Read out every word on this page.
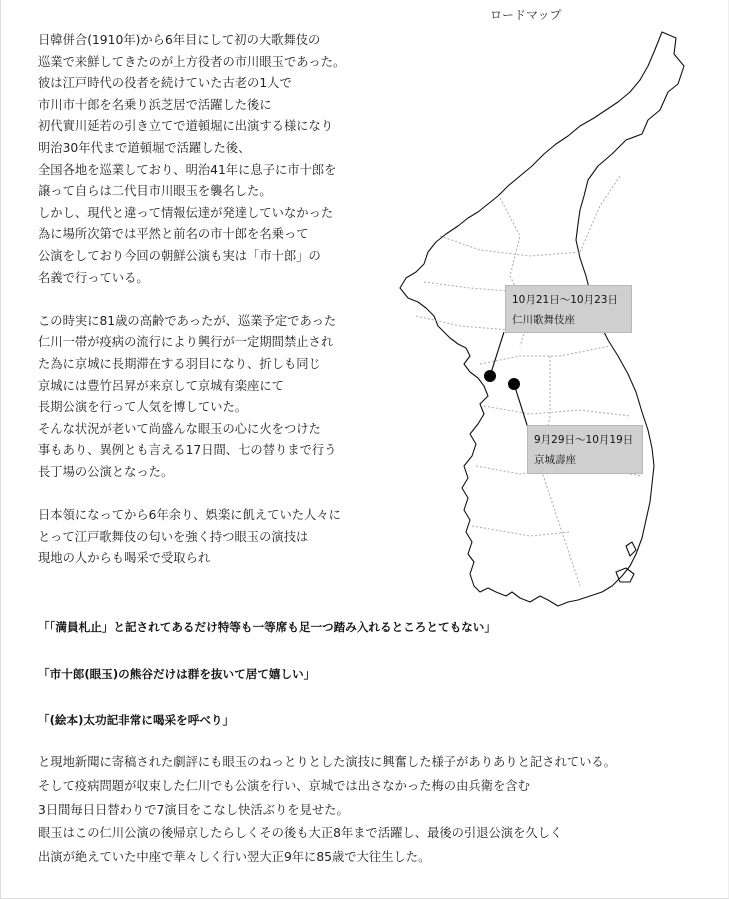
日韓併合(1910年)から6年目にして初の大歌舞伎の

巡業で来鮮してきたのが上方役者の市川眼玉であった。

彼は江戸時代の役者を続けていた古老の1人で

市川市十郎を名乗り浜芝居で活躍した後に

初代實川延若の引き立てで道頓堀に出演する様になり

明治30年代まで道頓堀で活躍した後、

全国各地を巡業しており、明治41年に息子に市十郎を

譲って自らは二代目市川眼玉を襲名した。

しかし、現代と違って情報伝達が発達していなかった

為に場所次第では平然と前名の市十郎を名乗って

公演をしており今回の朝鮮公演も実は「市十郎」の

名義で行っている。

この時実に81歳の高齢であったが、巡業予定であった

仁川一帯が疫病の流行により興行が一定期間禁止され

た為に京城に長期滞在する羽目になり、折しも同じ

京城には豊竹呂昇が来京して京城有楽座にて

長期公演を行って人気を博していた。

そんな状況が老いて尚盛んな眼玉の心に火をつけた

事もあり、異例とも言える17日間、七の替りまで行う

長丁場の公演となった。

日本領になってから6年余り、娯楽に飢えていた人々に

とって江戸歌舞伎の匂いを強く持つ眼玉の演技は

現地の人からも喝采で受取られ

ロードマップ
10月21日～10月23日
仁川歌舞伎座
9月29日～10月19日
京城壽座
「「満員札止」と記されてあるだけ特等も一等席も足一つ踏み入れるところとてもない」
「市十郎(眼玉)の熊谷だけは群を抜いて居て嬉しい」
「(絵本)太功記非常に喝采を呼べり」

と現地新聞に寄稿された劇評にも眼玉のねっとりとした演技に興奮した様子がありありと記されている。

そして疫病問題が収束した仁川でも公演を行い、京城では出さなかった梅の由兵衛を含む

3日間毎日日替わりで7演目をこなし快活ぶりを見せた。

眼玉はこの仁川公演の後帰京したらしくその後も大正8年まで活躍し、最後の引退公演を久しく

出演が絶えていた中座で華々しく行い翌大正9年に85歳で大往生した。
